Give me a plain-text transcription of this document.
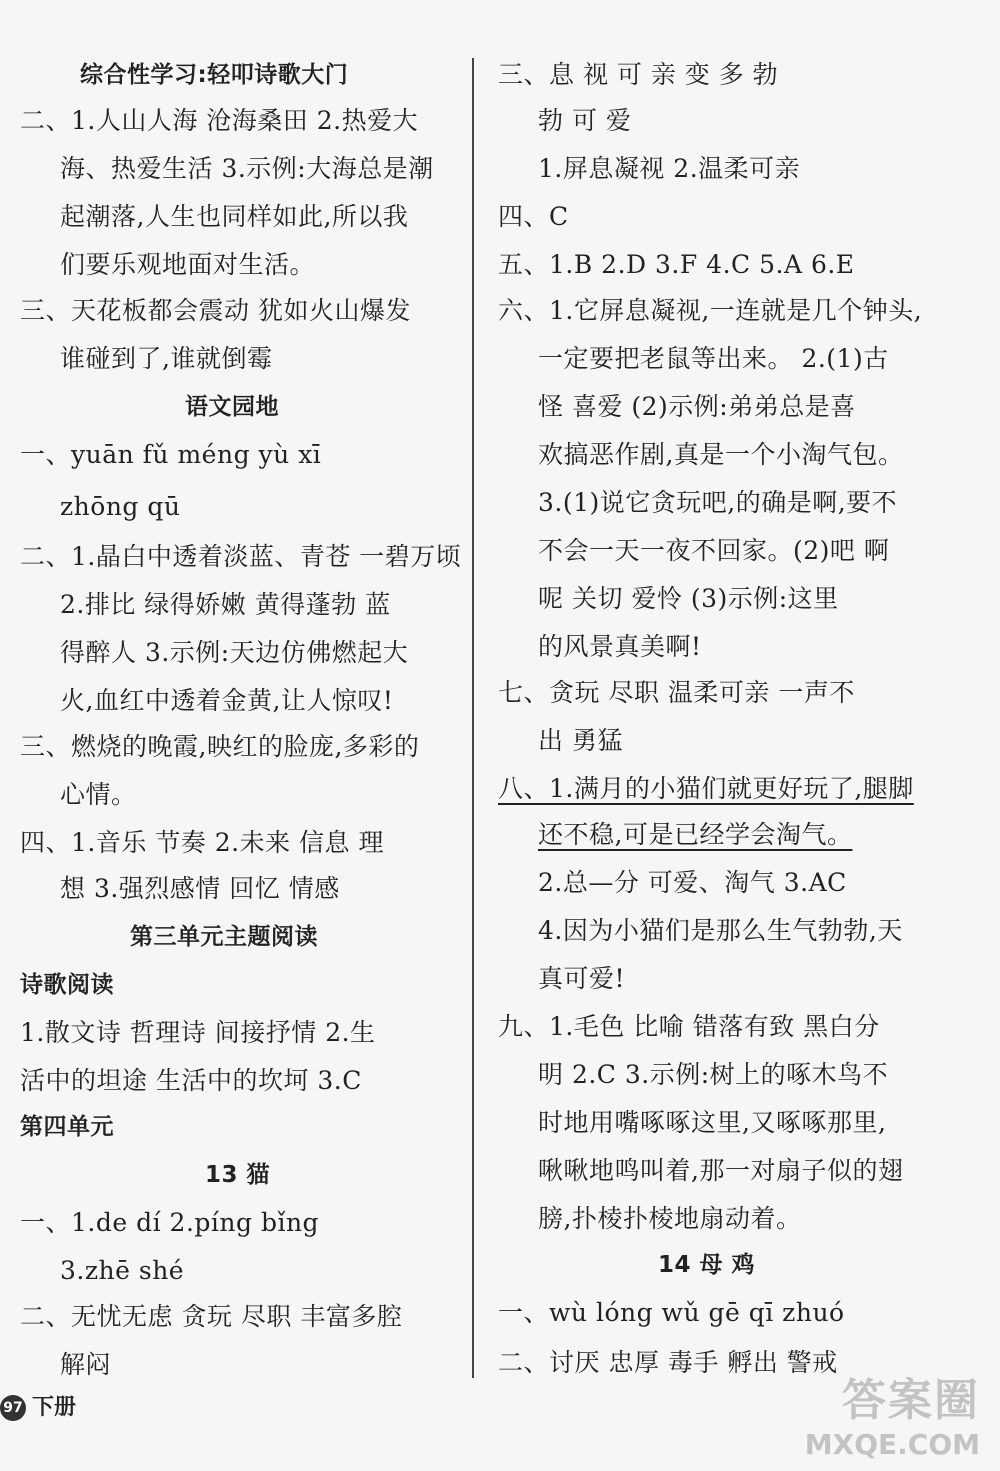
综合性学习:轻叩诗歌大门
二、1.人山人海 沧海桑田 2.热爱大
海、热爱生活 3.示例:大海总是潮
起潮落,人生也同样如此,所以我
们要乐观地面对生活。
三、天花板都会震动 犹如火山爆发
谁碰到了,谁就倒霉
语文园地
一、yuān fǔ méng yù xī
zhōng qū
二、1.晶白中透着淡蓝、青苍 一碧万顷
2.排比 绿得娇嫩 黄得蓬勃 蓝
得醉人 3.示例:天边仿佛燃起大
火,血红中透着金黄,让人惊叹!
三、燃烧的晚霞,映红的脸庞,多彩的
心情。
四、1.音乐 节奏 2.未来 信息 理
想 3.强烈感情 回忆 情感
第三单元主题阅读
诗歌阅读
1.散文诗 哲理诗 间接抒情 2.生
活中的坦途 生活中的坎坷 3.C
第四单元
13 猫
一、1.de dí 2.píng bǐng
3.zhē shé
二、无忧无虑 贪玩 尽职 丰富多腔
解闷
三、息 视 可 亲 变 多 勃
勃 可 爱
1.屏息凝视 2.温柔可亲
四、C
五、1.B 2.D 3.F 4.C 5.A 6.E
六、1.它屏息凝视,一连就是几个钟头,
一定要把老鼠等出来。 2.(1)古
怪 喜爱 (2)示例:弟弟总是喜
欢搞恶作剧,真是一个小淘气包。
3.(1)说它贪玩吧,的确是啊,要不
不会一天一夜不回家。(2)吧 啊
呢 关切 爱怜 (3)示例:这里
的风景真美啊!
七、贪玩 尽职 温柔可亲 一声不
出 勇猛
八、1.满月的小猫们就更好玩了,腿脚
还不稳,可是已经学会淘气。
2.总—分 可爱、淘气 3.AC
4.因为小猫们是那么生气勃勃,天
真可爱!
九、1.毛色 比喻 错落有致 黑白分
明 2.C 3.示例:树上的啄木鸟不
时地用嘴啄啄这里,又啄啄那里,
啾啾地鸣叫着,那一对扇子似的翅
膀,扑棱扑棱地扇动着。
14 母 鸡
一、wù lóng wǔ gē qī zhuó
二、讨厌 忠厚 毒手 孵出 警戒
97 下册	答案圈
MXQE.COM
